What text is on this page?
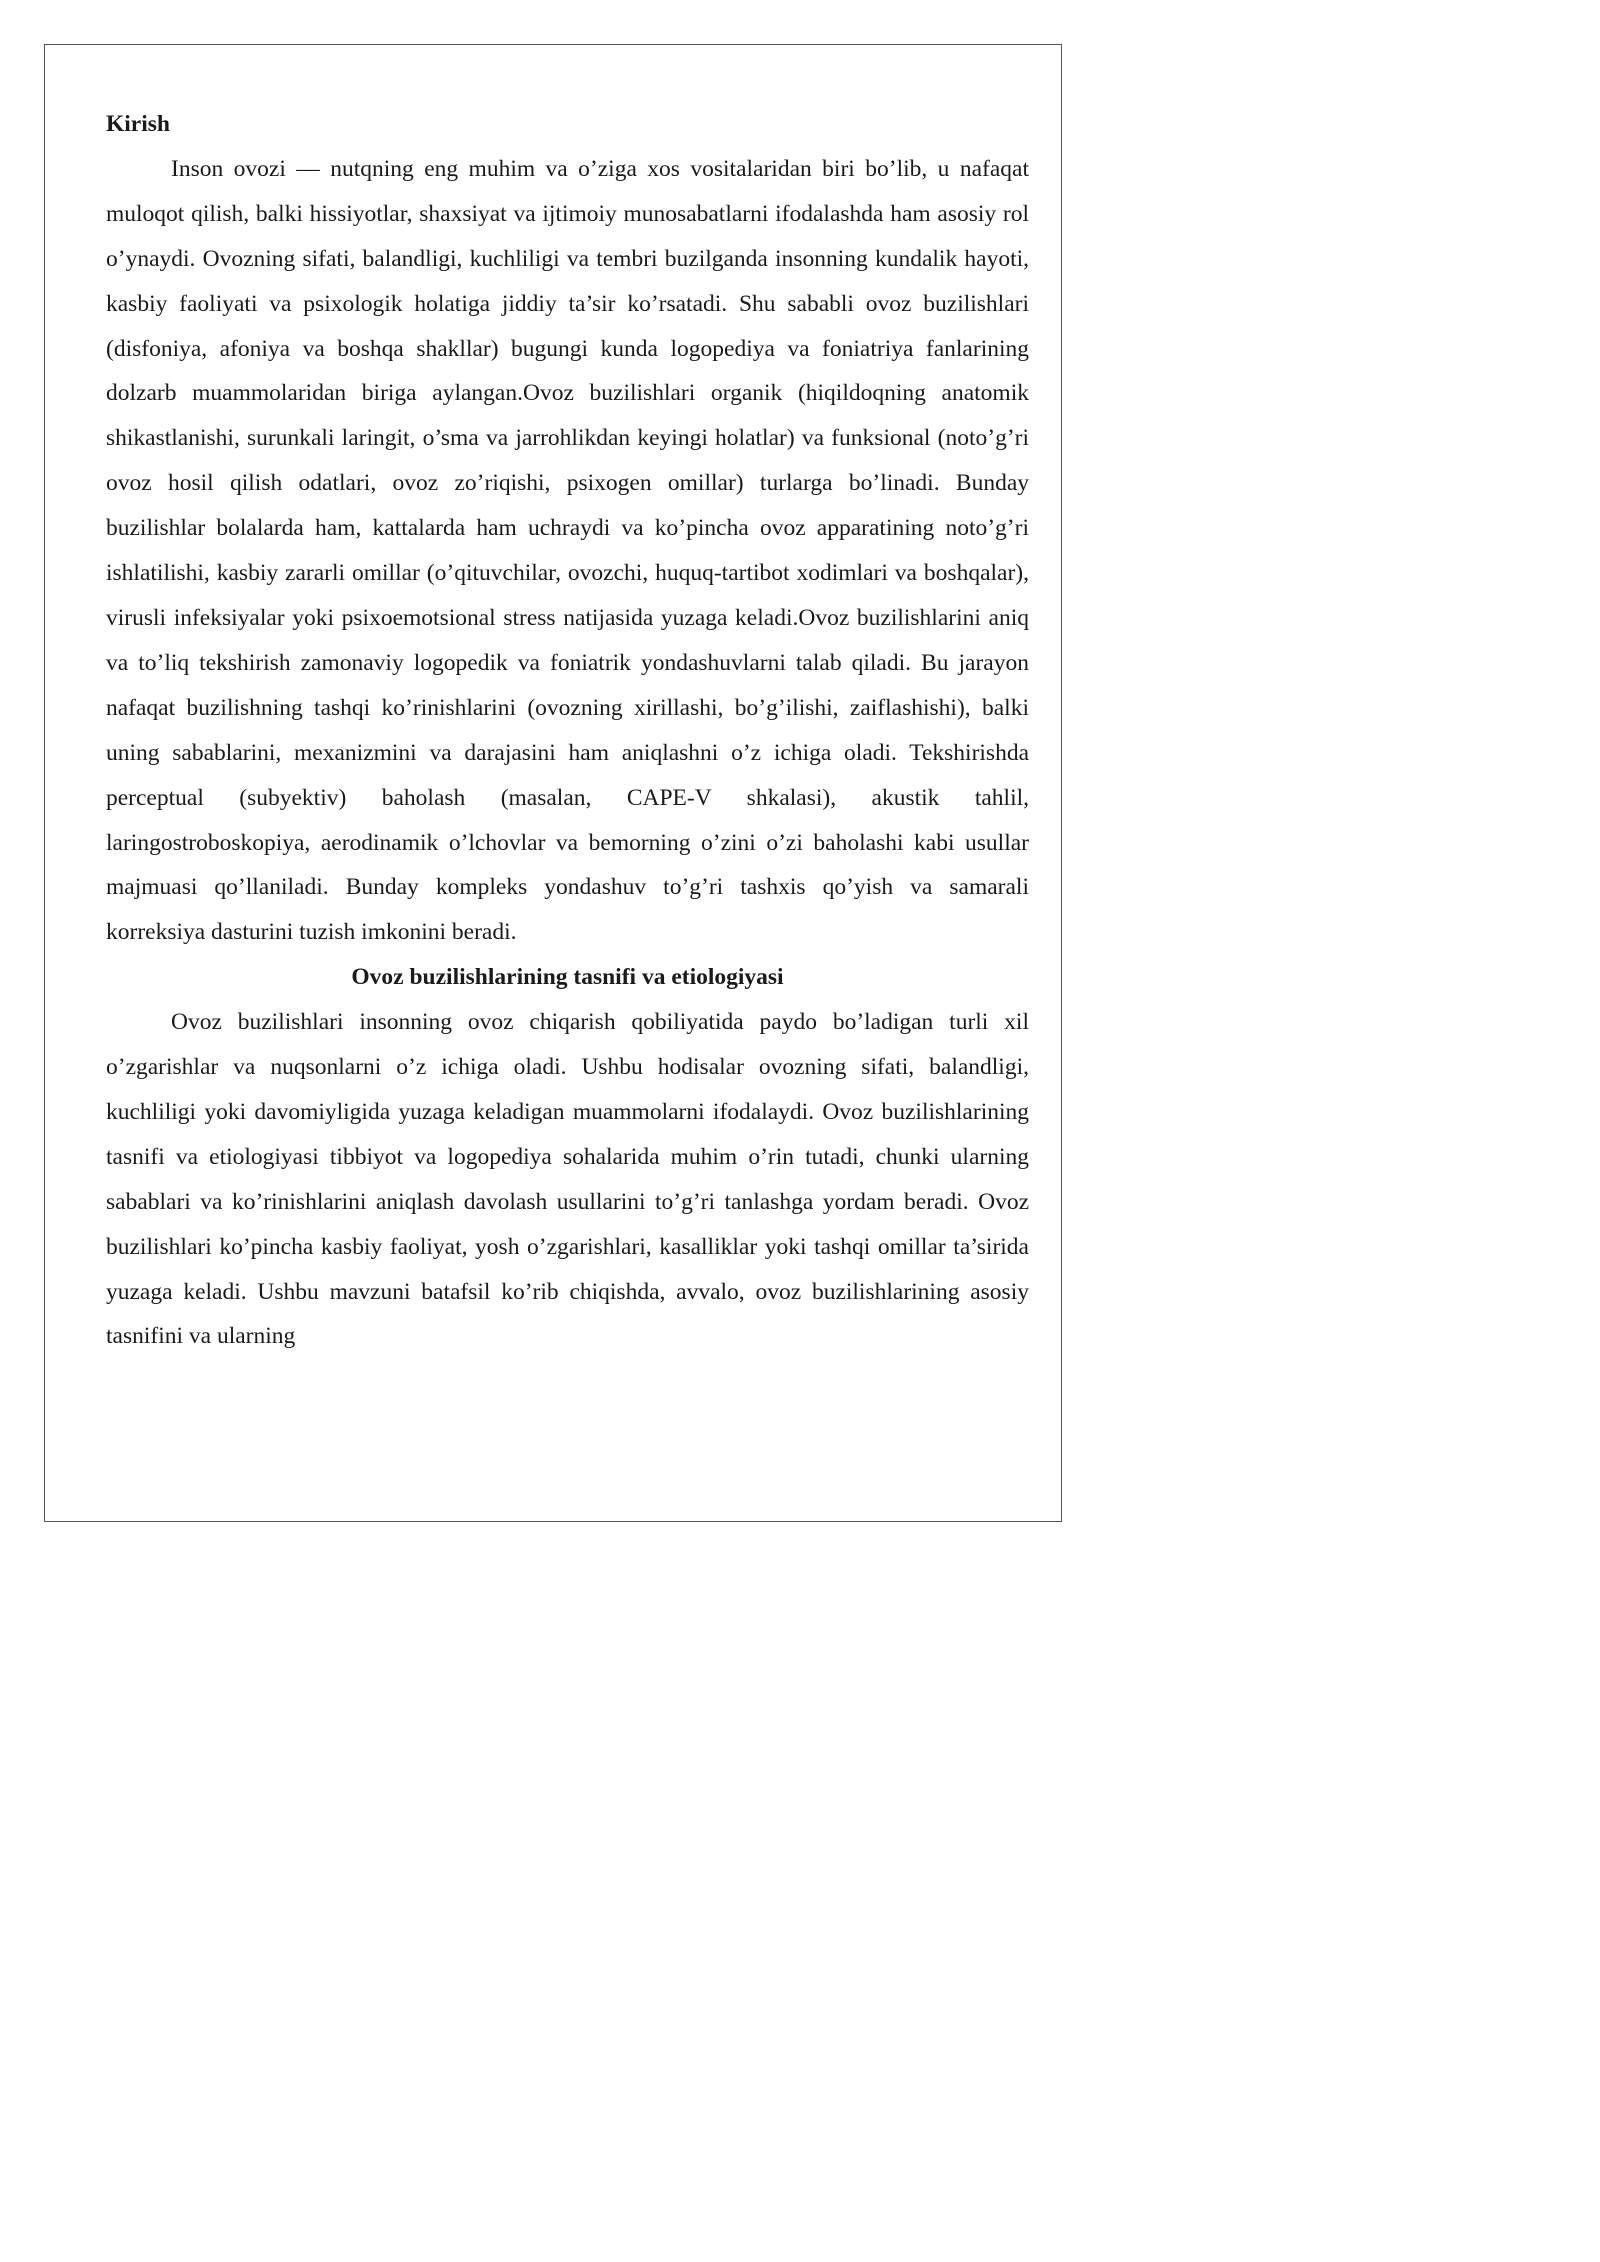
Kirish

Inson ovozi — nutqning eng muhim va o’ziga xos vositalaridan biri bo’lib, u nafaqat muloqot qilish, balki hissiyotlar, shaxsiyat va ijtimoiy munosabatlarni ifodalashda ham asosiy rol o’ynaydi. Ovozning sifati, balandligi, kuchliligi va tembri buzilganda insonning kundalik hayoti, kasbiy faoliyati va psixologik holatiga jiddiy ta’sir ko’rsatadi. Shu sababli ovoz buzilishlari (disfoniya, afoniya va boshqa shakllar) bugungi kunda logopediya va foniatriya fanlarining dolzarb muammolaridan biriga aylangan.Ovoz buzilishlari organik (hiqildoqning anatomik shikastlanishi, surunkali laringit, o’sma va jarrohlikdan keyingi holatlar) va funksional (noto’g’ri ovoz hosil qilish odatlari, ovoz zo’riqishi, psixogen omillar) turlarga bo’linadi. Bunday buzilishlar bolalarda ham, kattalarda ham uchraydi va ko’pincha ovoz apparatining noto’g’ri ishlatilishi, kasbiy zararli omillar (o’qituvchilar, ovozchi, huquq-tartibot xodimlari va boshqalar), virusli infeksiyalar yoki psixoemotsional stress natijasida yuzaga keladi.Ovoz buzilishlarini aniq va to’liq tekshirish zamonaviy logopedik va foniatrik yondashuvlarni talab qiladi. Bu jarayon nafaqat buzilishning tashqi ko’rinishlarini (ovozning xirillashi, bo’g’ilishi, zaiflashishi), balki uning sabablarini, mexanizmini va darajasini ham aniqlashni o’z ichiga oladi. Tekshirishda perceptual (subyektiv) baholash (masalan, CAPE-V shkalasi), akustik tahlil, laringostroboskopiya, aerodinamik o’lchovlar va bemorning o’zini o’zi baholashi kabi usullar majmuasi qo’llaniladi. Bunday kompleks yondashuv to’g’ri tashxis qo’yish va samarali korreksiya dasturini tuzish imkonini beradi.

Ovoz buzilishlarining tasnifi va etiologiyasi

Ovoz buzilishlari insonning ovoz chiqarish qobiliyatida paydo bo’ladigan turli xil o’zgarishlar va nuqsonlarni o’z ichiga oladi. Ushbu hodisalar ovozning sifati, balandligi, kuchliligi yoki davomiyligida yuzaga keladigan muammolarni ifodalaydi. Ovoz buzilishlarining tasnifi va etiologiyasi tibbiyot va logopediya sohalarida muhim o’rin tutadi, chunki ularning sabablari va ko’rinishlarini aniqlash davolash usullarini to’g’ri tanlashga yordam beradi. Ovoz buzilishlari ko’pincha kasbiy faoliyat, yosh o’zgarishlari, kasalliklar yoki tashqi omillar ta’sirida yuzaga keladi. Ushbu mavzuni batafsil ko’rib chiqishda, avvalo, ovoz buzilishlarining asosiy tasnifini va ularning
